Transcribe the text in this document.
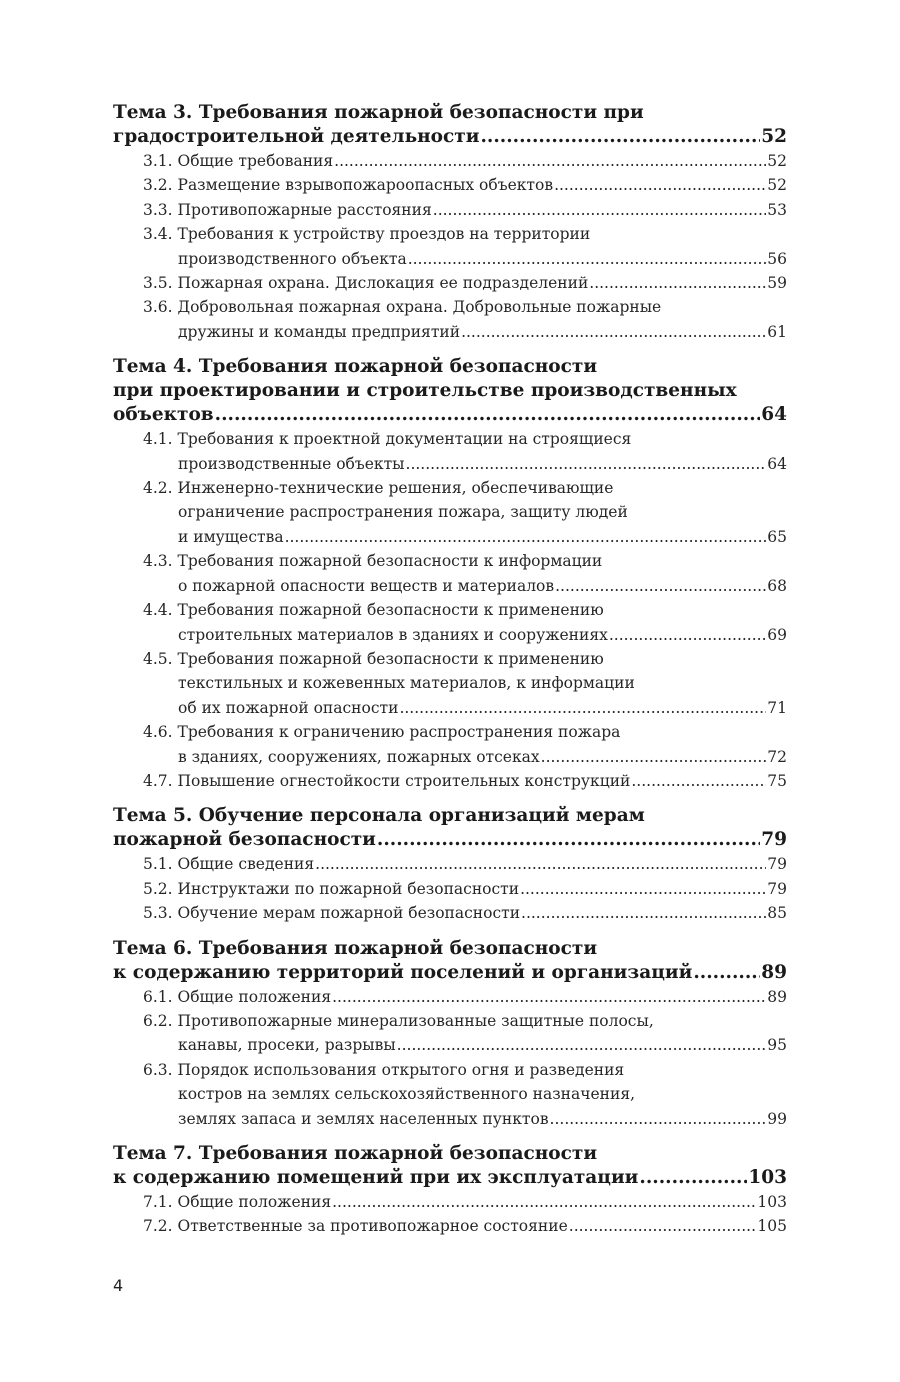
Тема 3. Требования пожарной безопасности при
градостроительной деятельности .....	52
3.1.
Общие требования .....	52
3.2.
Размещение взрывопожароопасных объектов .....	52
3.3.
Противопожарные расстояния .....	53
3.4.
Требования к устройству проездов на территории
производственного объекта .....	56
3.5.
Пожарная охрана. Дислокация ее подразделений .....	59
3.6.
Добровольная пожарная охрана. Добровольные пожарные
дружины и команды предприятий .....	61
Тема 4. Требования пожарной безопасности
при проектировании и строительстве производственных
объектов .....	64
4.1.
Требования к проектной документации на строящиеся
производственные объекты .....	64
4.2.
Инженерно-технические решения, обеспечивающие
ограничение распространения пожара, защиту людей
и имущества .....	65
4.3.
Требования пожарной безопасности к информации
о пожарной опасности веществ и материалов .....	68
4.4.
Требования пожарной безопасности к применению
строительных материалов в зданиях и сооружениях .....	69
4.5.
Требования пожарной безопасности к применению
текстильных и кожевенных материалов, к информации
об их пожарной опасности .....	71
4.6.
Требования к ограничению распространения пожара
в зданиях, сооружениях, пожарных отсеках .....	72
4.7.
Повышение огнестойкости строительных конструкций .....	75
Тема 5. Обучение персонала организаций мерам
пожарной безопасности .....	79
5.1.
Общие сведения .....	79
5.2.
Инструктажи по пожарной безопасности .....	79
5.3.
Обучение мерам пожарной безопасности .....	85
Тема 6. Требования пожарной безопасности
к содержанию территорий поселений и организаций .....	89
6.1.
Общие положения .....	89
6.2.
Противопожарные минерализованные защитные полосы,
канавы, просеки, разрывы .....	95
6.3.
Порядок использования открытого огня и разведения
костров на землях сельскохозяйственного назначения,
землях запаса и землях населенных пунктов .....	99
Тема 7. Требования пожарной безопасности
к содержанию помещений при их эксплуатации .....	103
7.1.
Общие положения .....	103
7.2.
Ответственные за противопожарное состояние .....	105
4
